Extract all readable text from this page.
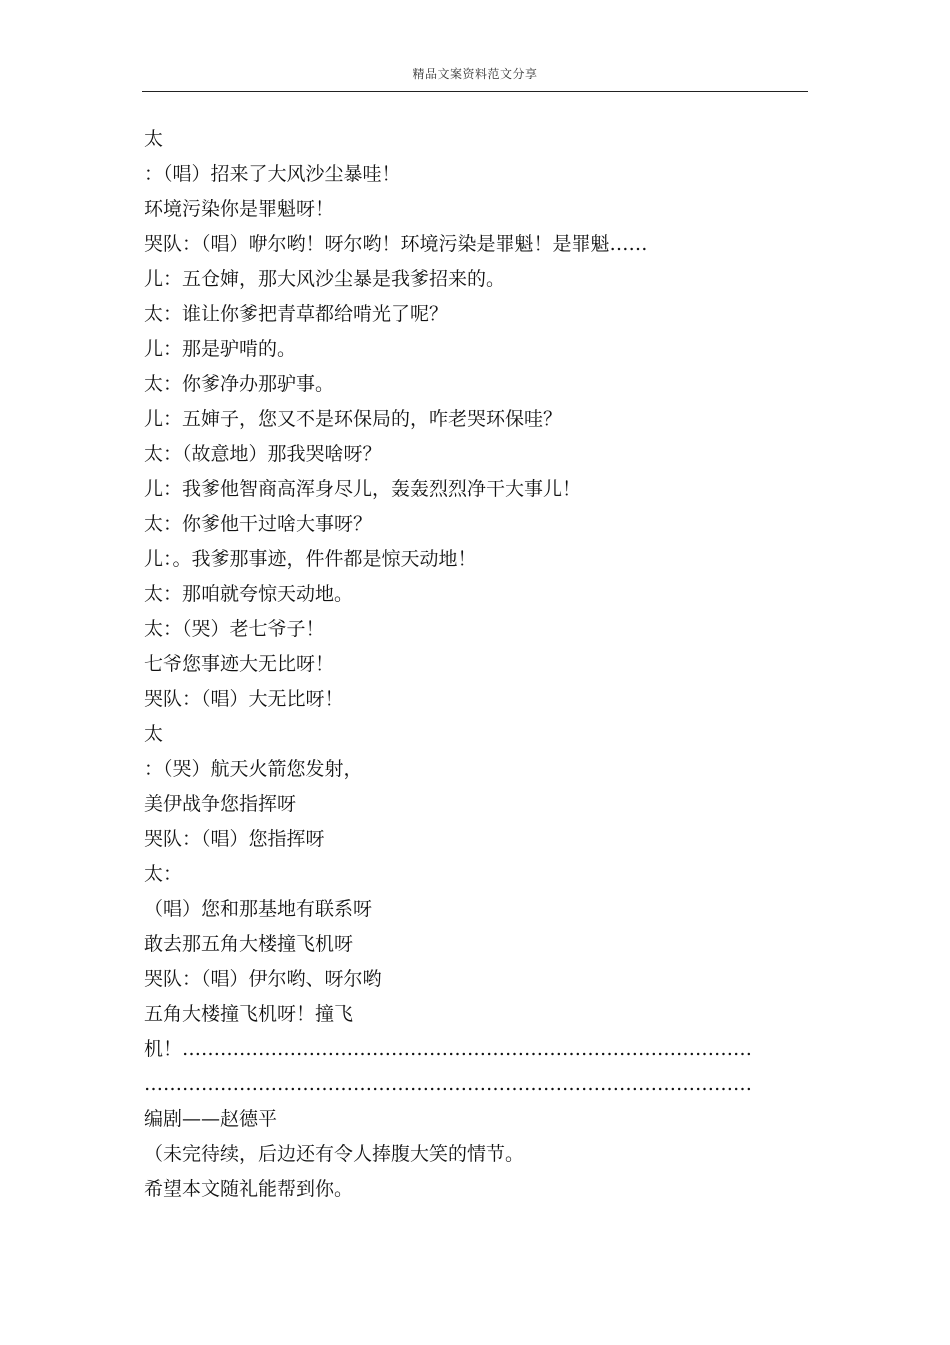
精品文案资料范文分享
太
：（唱）招来了大风沙尘暴哇！
环境污染你是罪魁呀！
哭队：（唱）咿尔哟！呀尔哟！环境污染是罪魁！是罪魁……
儿：五仓婶，那大风沙尘暴是我爹招来的。
太：谁让你爹把青草都给啃光了呢？
儿：那是驴啃的。
太：你爹净办那驴事。
儿：五婶子，您又不是环保局的，咋老哭环保哇？
太：（故意地）那我哭啥呀？
儿：我爹他智商高浑身尽儿，轰轰烈烈净干大事儿！
太：你爹他干过啥大事呀？
儿：。我爹那事迹，件件都是惊天动地！
太：那咱就夸惊天动地。
太：（哭）老七爷子！
七爷您事迹大无比呀！
哭队：（唱）大无比呀！
太
：（哭）航天火箭您发射，
美伊战争您指挥呀
哭队：（唱）您指挥呀
太：
（唱）您和那基地有联系呀
敢去那五角大楼撞飞机呀
哭队：（唱）伊尔哟、呀尔哟
五角大楼撞飞机呀！撞飞
机！………………………………………………………………………………
……………………………………………………………………………………
编剧——赵德平
（未完待续，后边还有令人捧腹大笑的情节。
希望本文随礼能帮到你。
